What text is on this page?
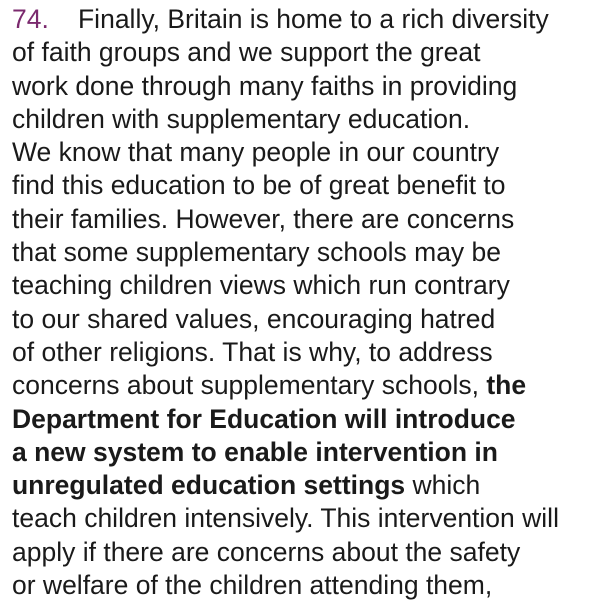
74. Finally, Britain is home to a rich diversity
of faith groups and we support the great
work done through many faiths in providing
children with supplementary education.
We know that many people in our country
find this education to be of great benefit to
their families. However, there are concerns
that some supplementary schools may be
teaching children views which run contrary
to our shared values, encouraging hatred
of other religions. That is why, to address
concerns about supplementary schools, the
Department for Education will introduce
a new system to enable intervention in
unregulated education settings which
teach children intensively. This intervention will
apply if there are concerns about the safety
or welfare of the children attending them,
